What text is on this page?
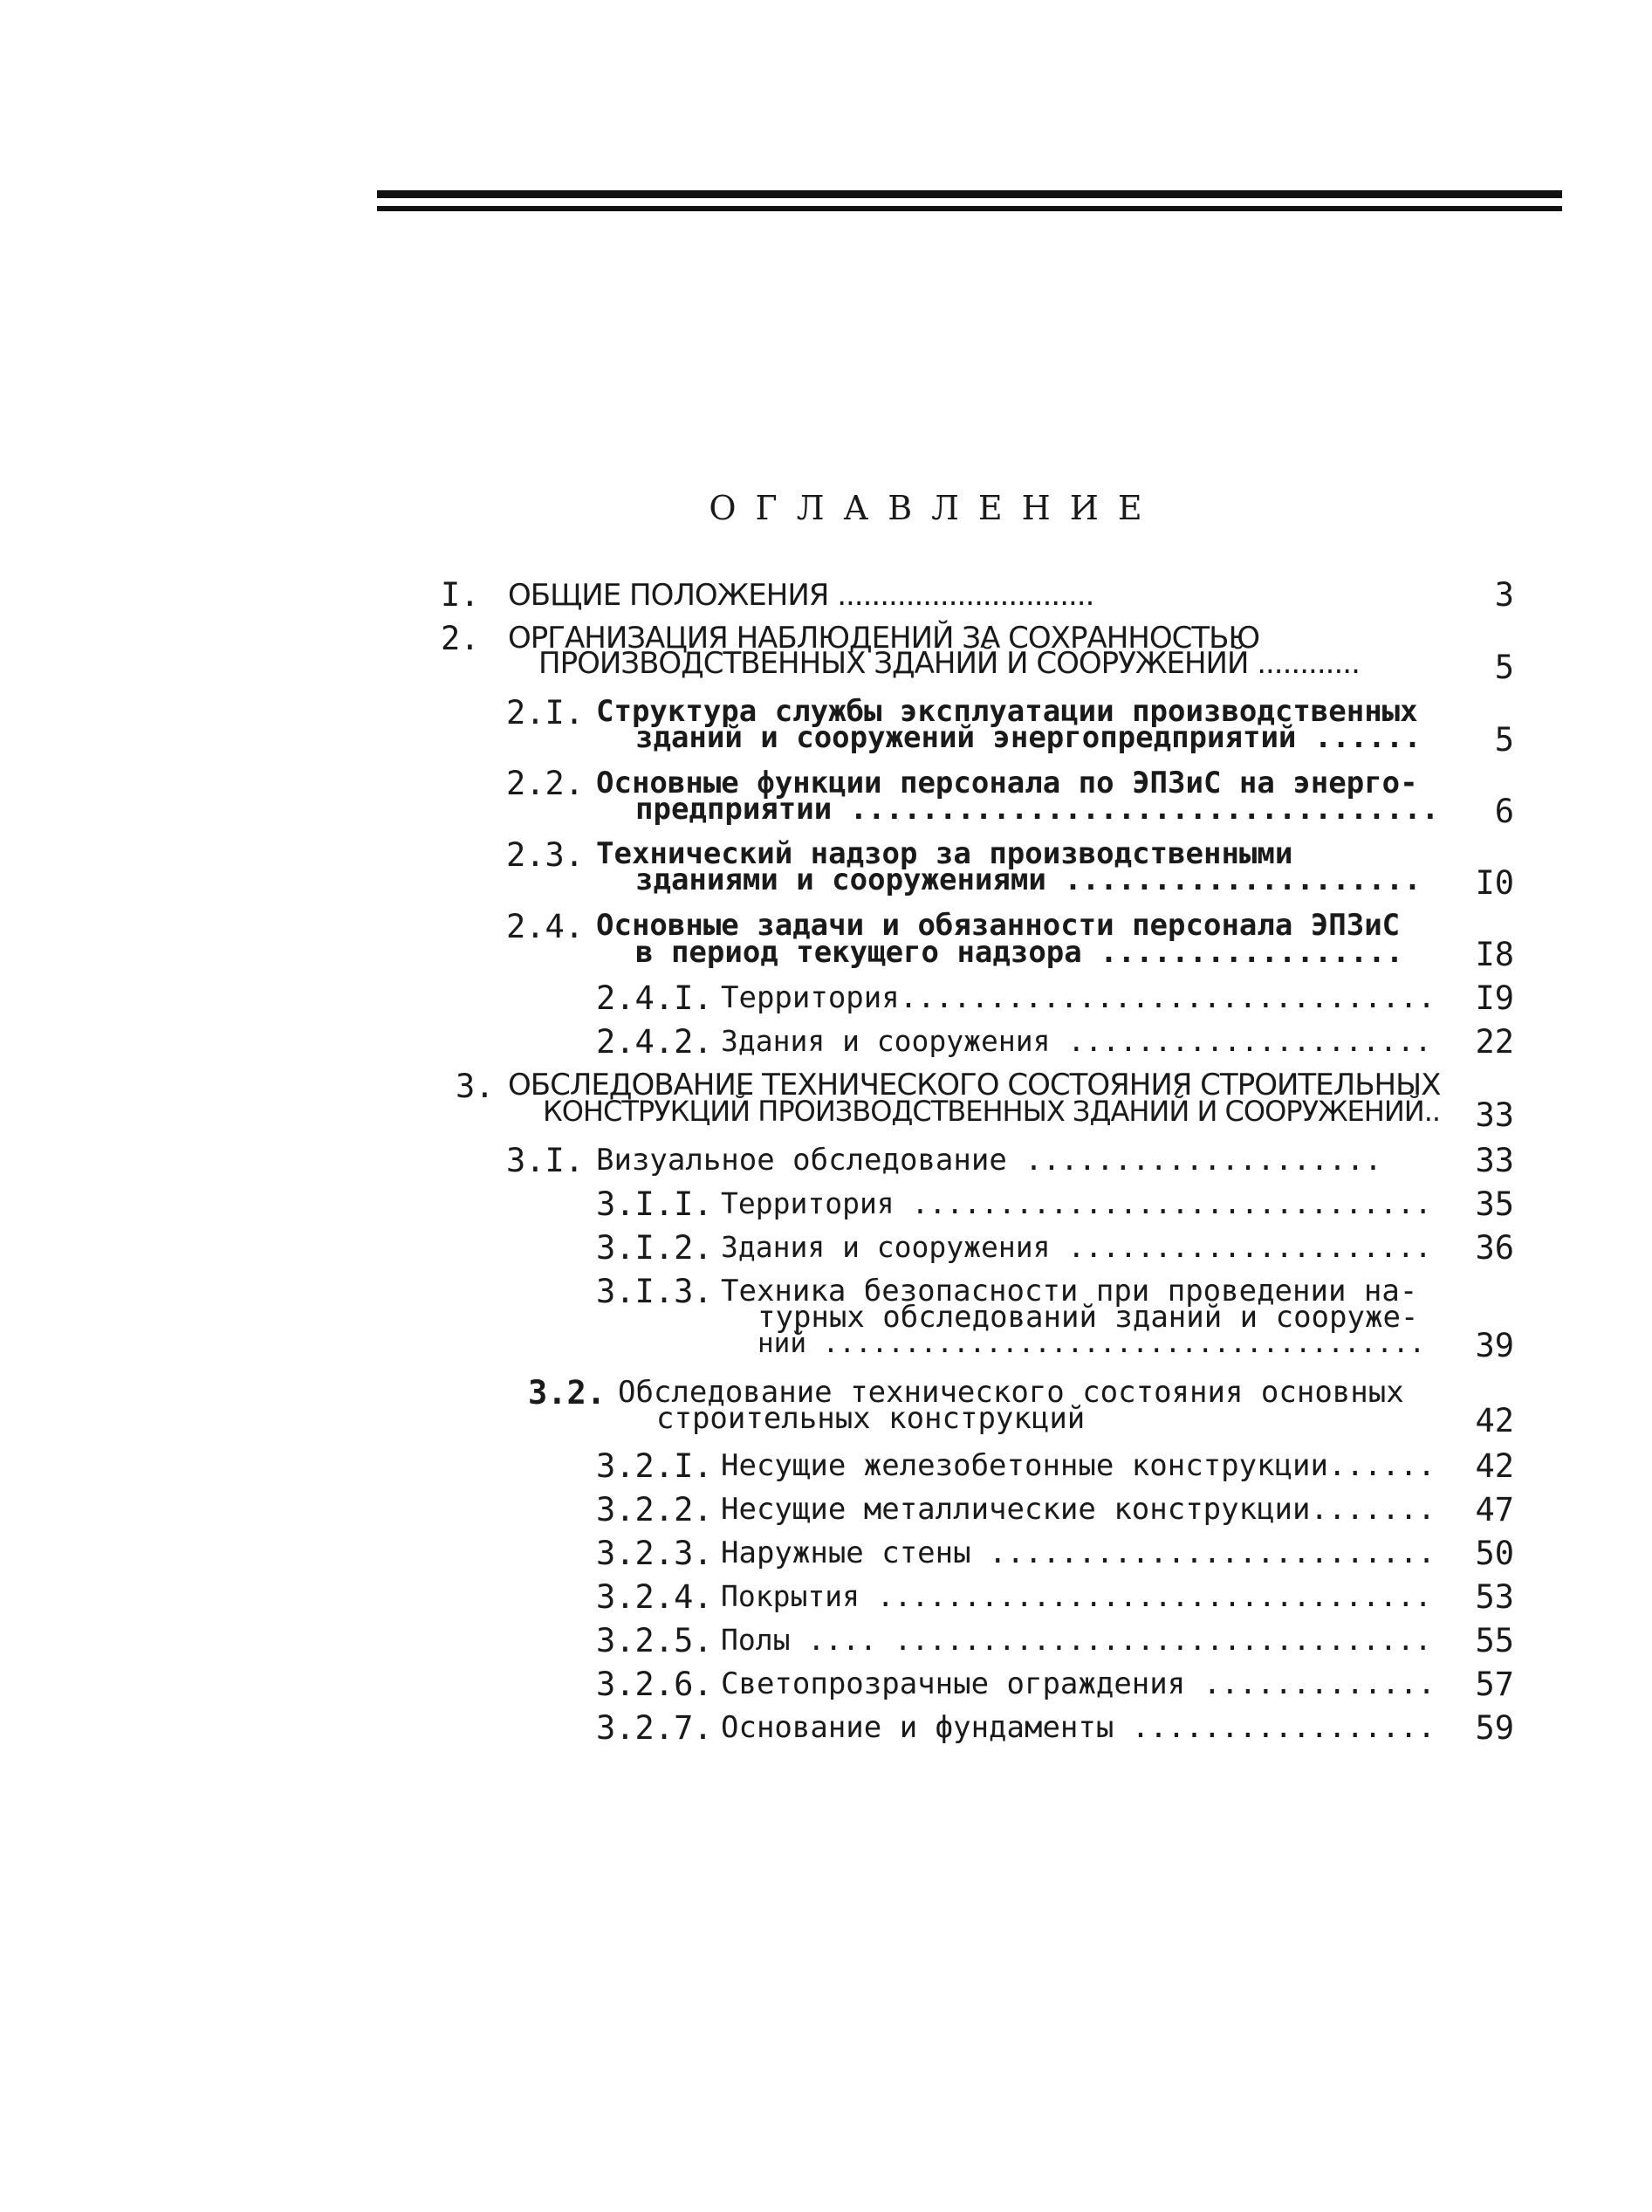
ОГЛАВЛЕНИЕ
I. ОБЩИЕ ПОЛОЖЕНИЯ ..............................	3
2. ОРГАНИЗАЦИЯ НАБЛЮДЕНИЙ ЗА СОХРАННОСТЬЮ
ПРОИЗВОДСТВЕННЫХ ЗДАНИЙ И СООРУЖЕНИЙ ............	5
2.I. Структура службы эксплуатации производственных
зданий и сооружений энергопредприятий ...... 5
2.2. Основные функции персонала по ЭПЗиС на энерго-
предприятии ................................. 6
2.3. Технический надзор за производственными
зданиями и сооружениями .................... I0
2.4. Основные задачи и обязанности персонала ЭПЗиС
в период текущего надзора ................. I8
2.4.I. Территория.............................. I9
2.4.2. Здания и сооружения ..................... 22
3. ОБСЛЕДОВАНИЕ ТЕХНИЧЕСКОГО СОСТОЯНИЯ СТРОИТЕЛЬНЫХ
КОНСТРУКЦИЙ ПРОИЗВОДСТВЕННЫХ ЗДАНИЙ И СООРУЖЕНИЙ.. 33
3.I. Визуальное обследование ....................	33
3.I.I. Территория .............................. 35
3.I.2. Здания и сооружения ..................... 36
3.I.3. Техника безопасности при проведении на-
турных обследований зданий и сооруже-
ний ..................................... 39
3.2. Обследование технического состояния основных
строительных конструкций	42
3.2.I. Несущие железобетонные конструкции...... 42
3.2.2. Несущие металлические конструкции....... 47
3.2.3. Наружные стены ......................... 50
3.2.4. Покрытия ................................ 53
3.2.5. Полы .... ............................... 55
3.2.6. Светопрозрачные ограждения ............. 57
3.2.7. Основание и фундаменты ................. 59
